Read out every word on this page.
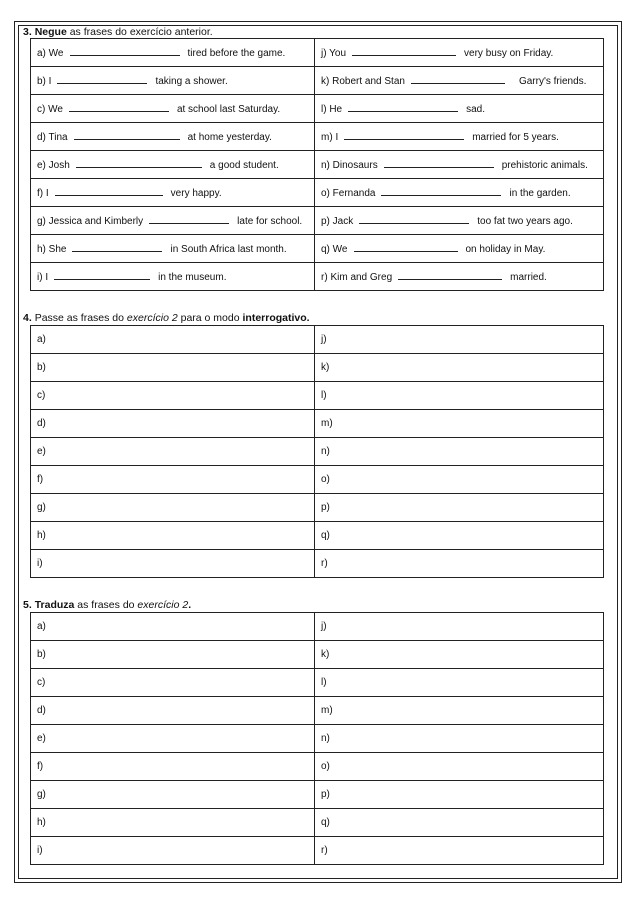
3. Negue as frases do exercício anterior.
a) We tired before the game.	j) You very busy on Friday.
b) I taking a shower.	k) Robert and Stan Garry's friends.
c) We at school last Saturday.	l) He sad.
d) Tina at home yesterday.	m) I married for 5 years.
e) Josh a good student.	n) Dinosaurs prehistoric animals.
f) I very happy.	o) Fernanda in the garden.
g) Jessica and Kimberly late for school.	p) Jack too fat two years ago.
h) She in South Africa last month.	q) We on holiday in May.
i) I in the museum.	r) Kim and Greg married.
4. Passe as frases do exercício 2 para o modo interrogativo.
a)	j)
b)	k)
c)	l)
d)	m)
e)	n)
f)	o)
g)	p)
h)	q)
i)	r)
5. Traduza as frases do exercício 2.
a)	j)
b)	k)
c)	l)
d)	m)
e)	n)
f)	o)
g)	p)
h)	q)
i)	r)
